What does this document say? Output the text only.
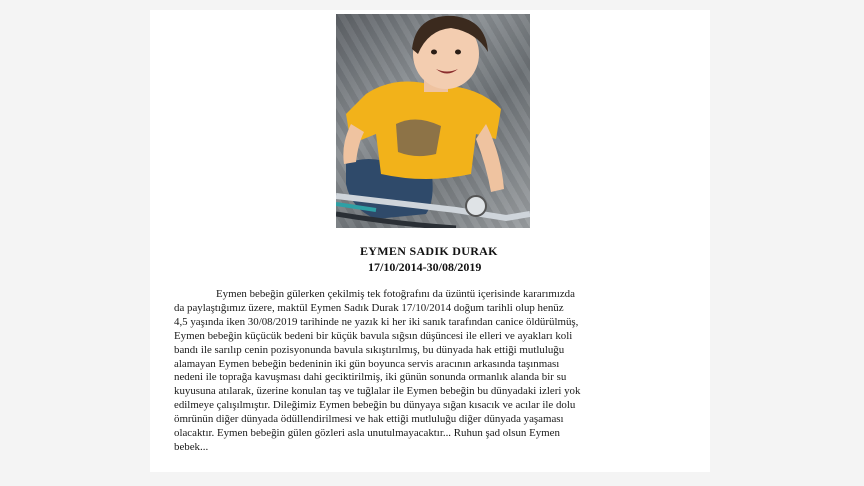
EYMEN SADIK DURAK
17/10/2014-30/08/2019
Eymen bebeğin gülerken çekilmiş tek fotoğrafını da üzüntü içerisinde kararımızda
da paylaştığımız üzere, maktül Eymen Sadık Durak 17/10/2014 doğum tarihli olup henüz
4,5 yaşında iken 30/08/2019 tarihinde ne yazık ki her iki sanık tarafından canice öldürülmüş,
Eymen bebeğin küçücük bedeni bir küçük bavula sığsın düşüncesi ile elleri ve ayakları koli
bandı ile sarılıp cenin pozisyonunda bavula sıkıştırılmış, bu dünyada hak ettiği mutluluğu
alamayan Eymen bebeğin bedeninin iki gün boyunca servis aracının arkasında taşınması
nedeni ile toprağa kavuşması dahi geciktirilmiş, iki günün sonunda ormanlık alanda bir su
kuyusuna atılarak, üzerine konulan taş ve tuğlalar ile Eymen bebeğin bu dünyadaki izleri yok
edilmeye çalışılmıştır. Dileğimiz Eymen bebeğin bu dünyaya sığan kısacık ve acılar ile dolu
ömrünün diğer dünyada ödüllendirilmesi ve hak ettiği mutluluğu diğer dünyada yaşaması
olacaktır. Eymen bebeğin gülen gözleri asla unutulmayacaktır... Ruhun şad olsun Eymen
bebek...
